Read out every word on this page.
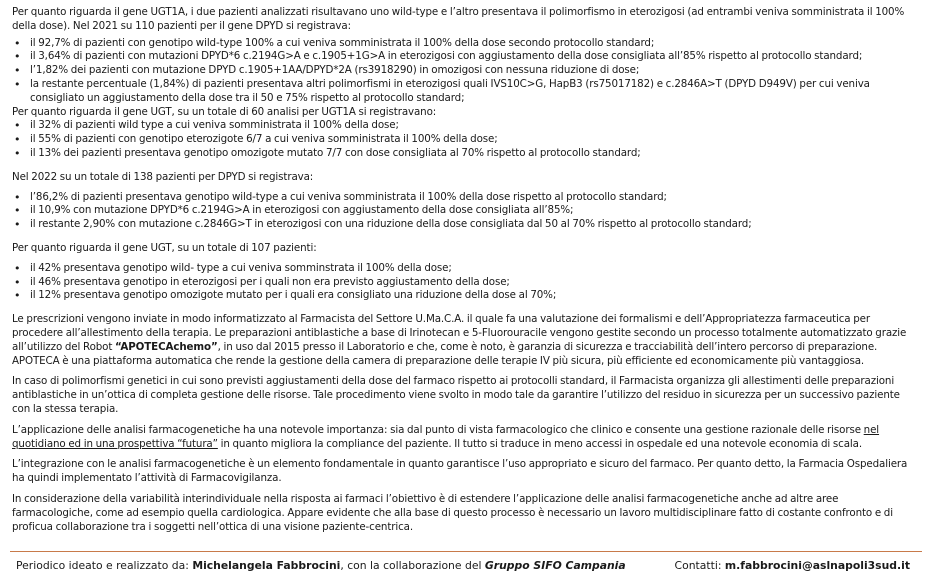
Per quanto riguarda il gene UGT1A, i due pazienti analizzati risultavano uno wild-type e l’altro presentava il polimorfismo in eterozigosi (ad entrambi veniva somministrata il 100% della dose). Nel 2021 su 110 pazienti per il gene DPYD si registrava:

• il 92,7% di pazienti con genotipo wild-type 100% a cui veniva somministrata il 100% della dose secondo protocollo standard;
• il 3,64% di pazienti con mutazioni DPYD*6 c.2194G>A e c.1905+1G>A in eterozigosi con aggiustamento della dose consigliata all’85% rispetto al protocollo standard;
• l’1,82% dei pazienti con mutazione DPYD c.1905+1AA/DPYD*2A (rs3918290) in omozigosi con nessuna riduzione di dose;
• la restante percentuale (1,84%) di pazienti presentava altri polimorfismi in eterozigosi quali IVS10C>G, HapB3 (rs75017182) e c.2846A>T (DPYD D949V) per cui veniva consigliato un aggiustamento della dose tra il 50 e 75% rispetto al protocollo standard;

Per quanto riguarda il gene UGT, su un totale di 60 analisi per UGT1A si registravano:

• il 32% di pazienti wild type a cui veniva somministrata il 100% della dose;
• il 55% di pazienti con genotipo eterozigote 6/7 a cui veniva somministrata il 100% della dose;
• il 13% dei pazienti presentava genotipo omozigote mutato 7/7 con dose consigliata al 70% rispetto al protocollo standard;

Nel 2022 su un totale di 138 pazienti per DPYD si registrava:

• l’86,2% di pazienti presentava genotipo wild-type a cui veniva somministrata il 100% della dose rispetto al protocollo standard;
• il 10,9% con mutazione DPYD*6 c.2194G>A in eterozigosi con aggiustamento della dose consigliata all’85%;
• il restante 2,90% con mutazione c.2846G>T in eterozigosi con una riduzione della dose consigliata dal 50 al 70% rispetto al protocollo standard;

Per quanto riguarda il gene UGT, su un totale di 107 pazienti:

• il 42% presentava genotipo wild- type a cui veniva somminstrata il 100% della dose;
• il 46% presentava genotipo in eterozigosi per i quali non era previsto aggiustamento della dose;
• il 12% presentava genotipo omozigote mutato per i quali era consigliato una riduzione della dose al 70%;

Le prescrizioni vengono inviate in modo informatizzato al Farmacista del Settore U.Ma.C.A. il quale fa una valutazione dei formalismi e dell’Appropriatezza farmaceutica per procedere all’allestimento della terapia. Le preparazioni antiblastiche a base di Irinotecan e 5-Fluorouracile vengono gestite secondo un processo totalmente automatizzato grazie all’utilizzo del Robot “APOTECAchemo”, in uso dal 2015 presso il Laboratorio e che, come è noto, è garanzia di sicurezza e tracciabilità dell’intero percorso di preparazione. APOTECA è una piattaforma automatica che rende la gestione della camera di preparazione delle terapie IV più sicura, più efficiente ed economicamente più vantaggiosa.

In caso di polimorfismi genetici in cui sono previsti aggiustamenti della dose del farmaco rispetto ai protocolli standard, il Farmacista organizza gli allestimenti delle preparazioni antiblastiche in un’ottica di completa gestione delle risorse. Tale procedimento viene svolto in modo tale da garantire l’utilizzo del residuo in sicurezza per un successivo paziente con la stessa terapia.

L’applicazione delle analisi farmacogenetiche ha una notevole importanza: sia dal punto di vista farmacologico che clinico e consente una gestione razionale delle risorse nel quotidiano ed in una prospettiva “futura” in quanto migliora la compliance del paziente. Il tutto si traduce in meno accessi in ospedale ed una notevole economia di scala.

L’integrazione con le analisi farmacogenetiche è un elemento fondamentale in quanto garantisce l’uso appropriato e sicuro del farmaco. Per quanto detto, la Farmacia Ospedaliera ha quindi implementato l’attività di Farmacovigilanza.

In considerazione della variabilità interindividuale nella risposta ai farmaci l’obiettivo è di estendere l’applicazione delle analisi farmacogenetiche anche ad altre aree farmacologiche, come ad esempio quella cardiologica. Appare evidente che alla base di questo processo è necessario un lavoro multidisciplinare fatto di costante confronto e di proficua collaborazione tra i soggetti nell’ottica di una visione paziente-centrica.

Periodico ideato e realizzato da: Michelangela Fabbrocini, con la collaborazione del Gruppo SIFO Campania	Contatti: m.fabbrocini@aslnapoli3sud.it
